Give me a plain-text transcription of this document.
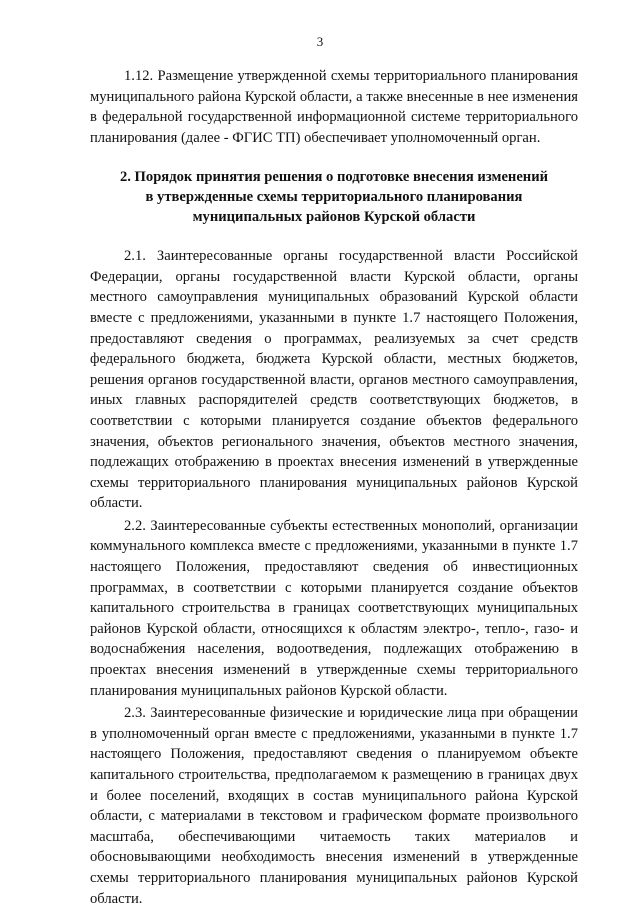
3

1.12. Размещение утвержденной схемы территориального планирования муниципального района Курской области, а также внесенные в нее изменения в федеральной государственной информационной системе территориального планирования (далее - ФГИС ТП) обеспечивает уполномоченный орган.

2. Порядок принятия решения о подготовке внесения изменений
в утвержденные схемы территориального планирования
муниципальных районов Курской области

2.1. Заинтересованные органы государственной власти Российской Федерации, органы государственной власти Курской области, органы местного самоуправления муниципальных образований Курской области вместе с предложениями, указанными в пункте 1.7 настоящего Положения, предоставляют сведения о программах, реализуемых за счет средств федерального бюджета, бюджета Курской области, местных бюджетов, решения органов государственной власти, органов местного самоуправления, иных главных распорядителей средств соответствующих бюджетов, в соответствии с которыми планируется создание объектов федерального значения, объектов регионального значения, объектов местного значения, подлежащих отображению в проектах внесения изменений в утвержденные схемы территориального планирования муниципальных районов Курской области.

2.2. Заинтересованные субъекты естественных монополий, организации коммунального комплекса вместе с предложениями, указанными в пункте 1.7 настоящего Положения, предоставляют сведения об инвестиционных программах, в соответствии с которыми планируется создание объектов капитального строительства в границах соответствующих муниципальных районов Курской области, относящихся к областям электро-, тепло-, газо- и водоснабжения населения, водоотведения, подлежащих отображению в проектах внесения изменений в утвержденные схемы территориального планирования муниципальных районов Курской области.

2.3. Заинтересованные физические и юридические лица при обращении в уполномоченный орган вместе с предложениями, указанными в пункте 1.7 настоящего Положения, предоставляют сведения о планируемом объекте капитального строительства, предполагаемом к размещению в границах двух и более поселений, входящих в состав муниципального района Курской области, с материалами в текстовом и графическом формате произвольного масштаба, обеспечивающими читаемость таких материалов и обосновывающими необходимость внесения изменений в утвержденные схемы территориального планирования муниципальных районов Курской области.
